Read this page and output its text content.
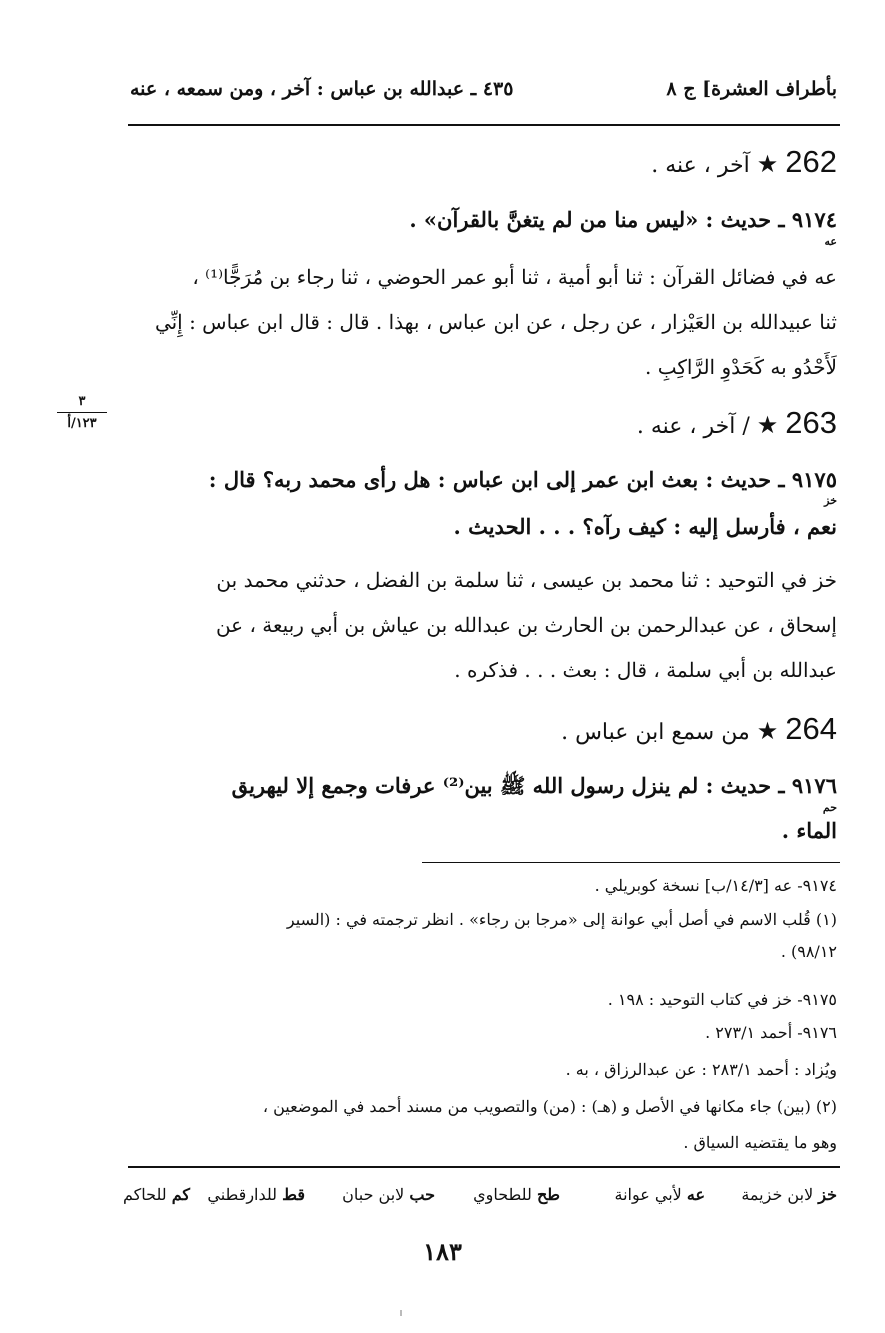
بأطراف العشرة] ج ٨
٤٣٥ ـ عبدالله بن عباس : آخر ، ومن سمعه ، عنه
262 ★ آخر ، عنه .
٩١٧٤ ـ حديث : «ليس منا من لم يتغنَّ بالقرآن» .
عه
عه في فضائل القرآن : ثنا أبو أمية ، ثنا أبو عمر الحوضي ، ثنا رجاء بن مُرَجًّا⁽¹⁾ ،
ثنا عبيدالله بن العَيْزار ، عن رجل ، عن ابن عباس ، بهذا . قال : قال ابن عباس : إِنِّي
لَأَحْدُو به كَحَدْوِ الرَّاكِبِ .
٣
١٢٣/أ	263 ★ / آخر ، عنه .
٩١٧٥ ـ حديث : بعث ابن عمر إلى ابن عباس : هل رأى محمد ربه؟ قال :
خز
نعم ، فأرسل إليه : كيف رآه؟ . . . الحديث .
خز في التوحيد : ثنا محمد بن عيسى ، ثنا سلمة بن الفضل ، حدثني محمد بن
إسحاق ، عن عبدالرحمن بن الحارث بن عبدالله بن عياش بن أبي ربيعة ، عن
عبدالله بن أبي سلمة ، قال : بعث . . . فذكره .
264 ★ من سمع ابن عباس .
٩١٧٦ ـ حديث : لم ينزل رسول الله ﷺ بين⁽²⁾ عرفات وجمع إلا ليهريق
حم
الماء .
٩١٧٤- عه [١٤/٣/ب] نسخة كوبريلي .
(١) قُلب الاسم في أصل أبي عوانة إلى «مرجا بن رجاء» . انظر ترجمته في : (السير
٩٨/١٢) .
٩١٧٥- خز في كتاب التوحيد : ١٩٨ .
٩١٧٦- أحمد ٢٧٣/١ .
ويُزاد : أحمد ٢٨٣/١ : عن عبدالرزاق ، به .
(٢) (بين) جاء مكانها في الأصل و (هـ) : (من) والتصويب من مسند أحمد في الموضعين ،
وهو ما يقتضيه السياق .
خز لابن خزيمة
عه لأبي عوانة
طح للطحاوي
حب لابن حبان
قط للدارقطني
كم للحاكم
١٨٣
